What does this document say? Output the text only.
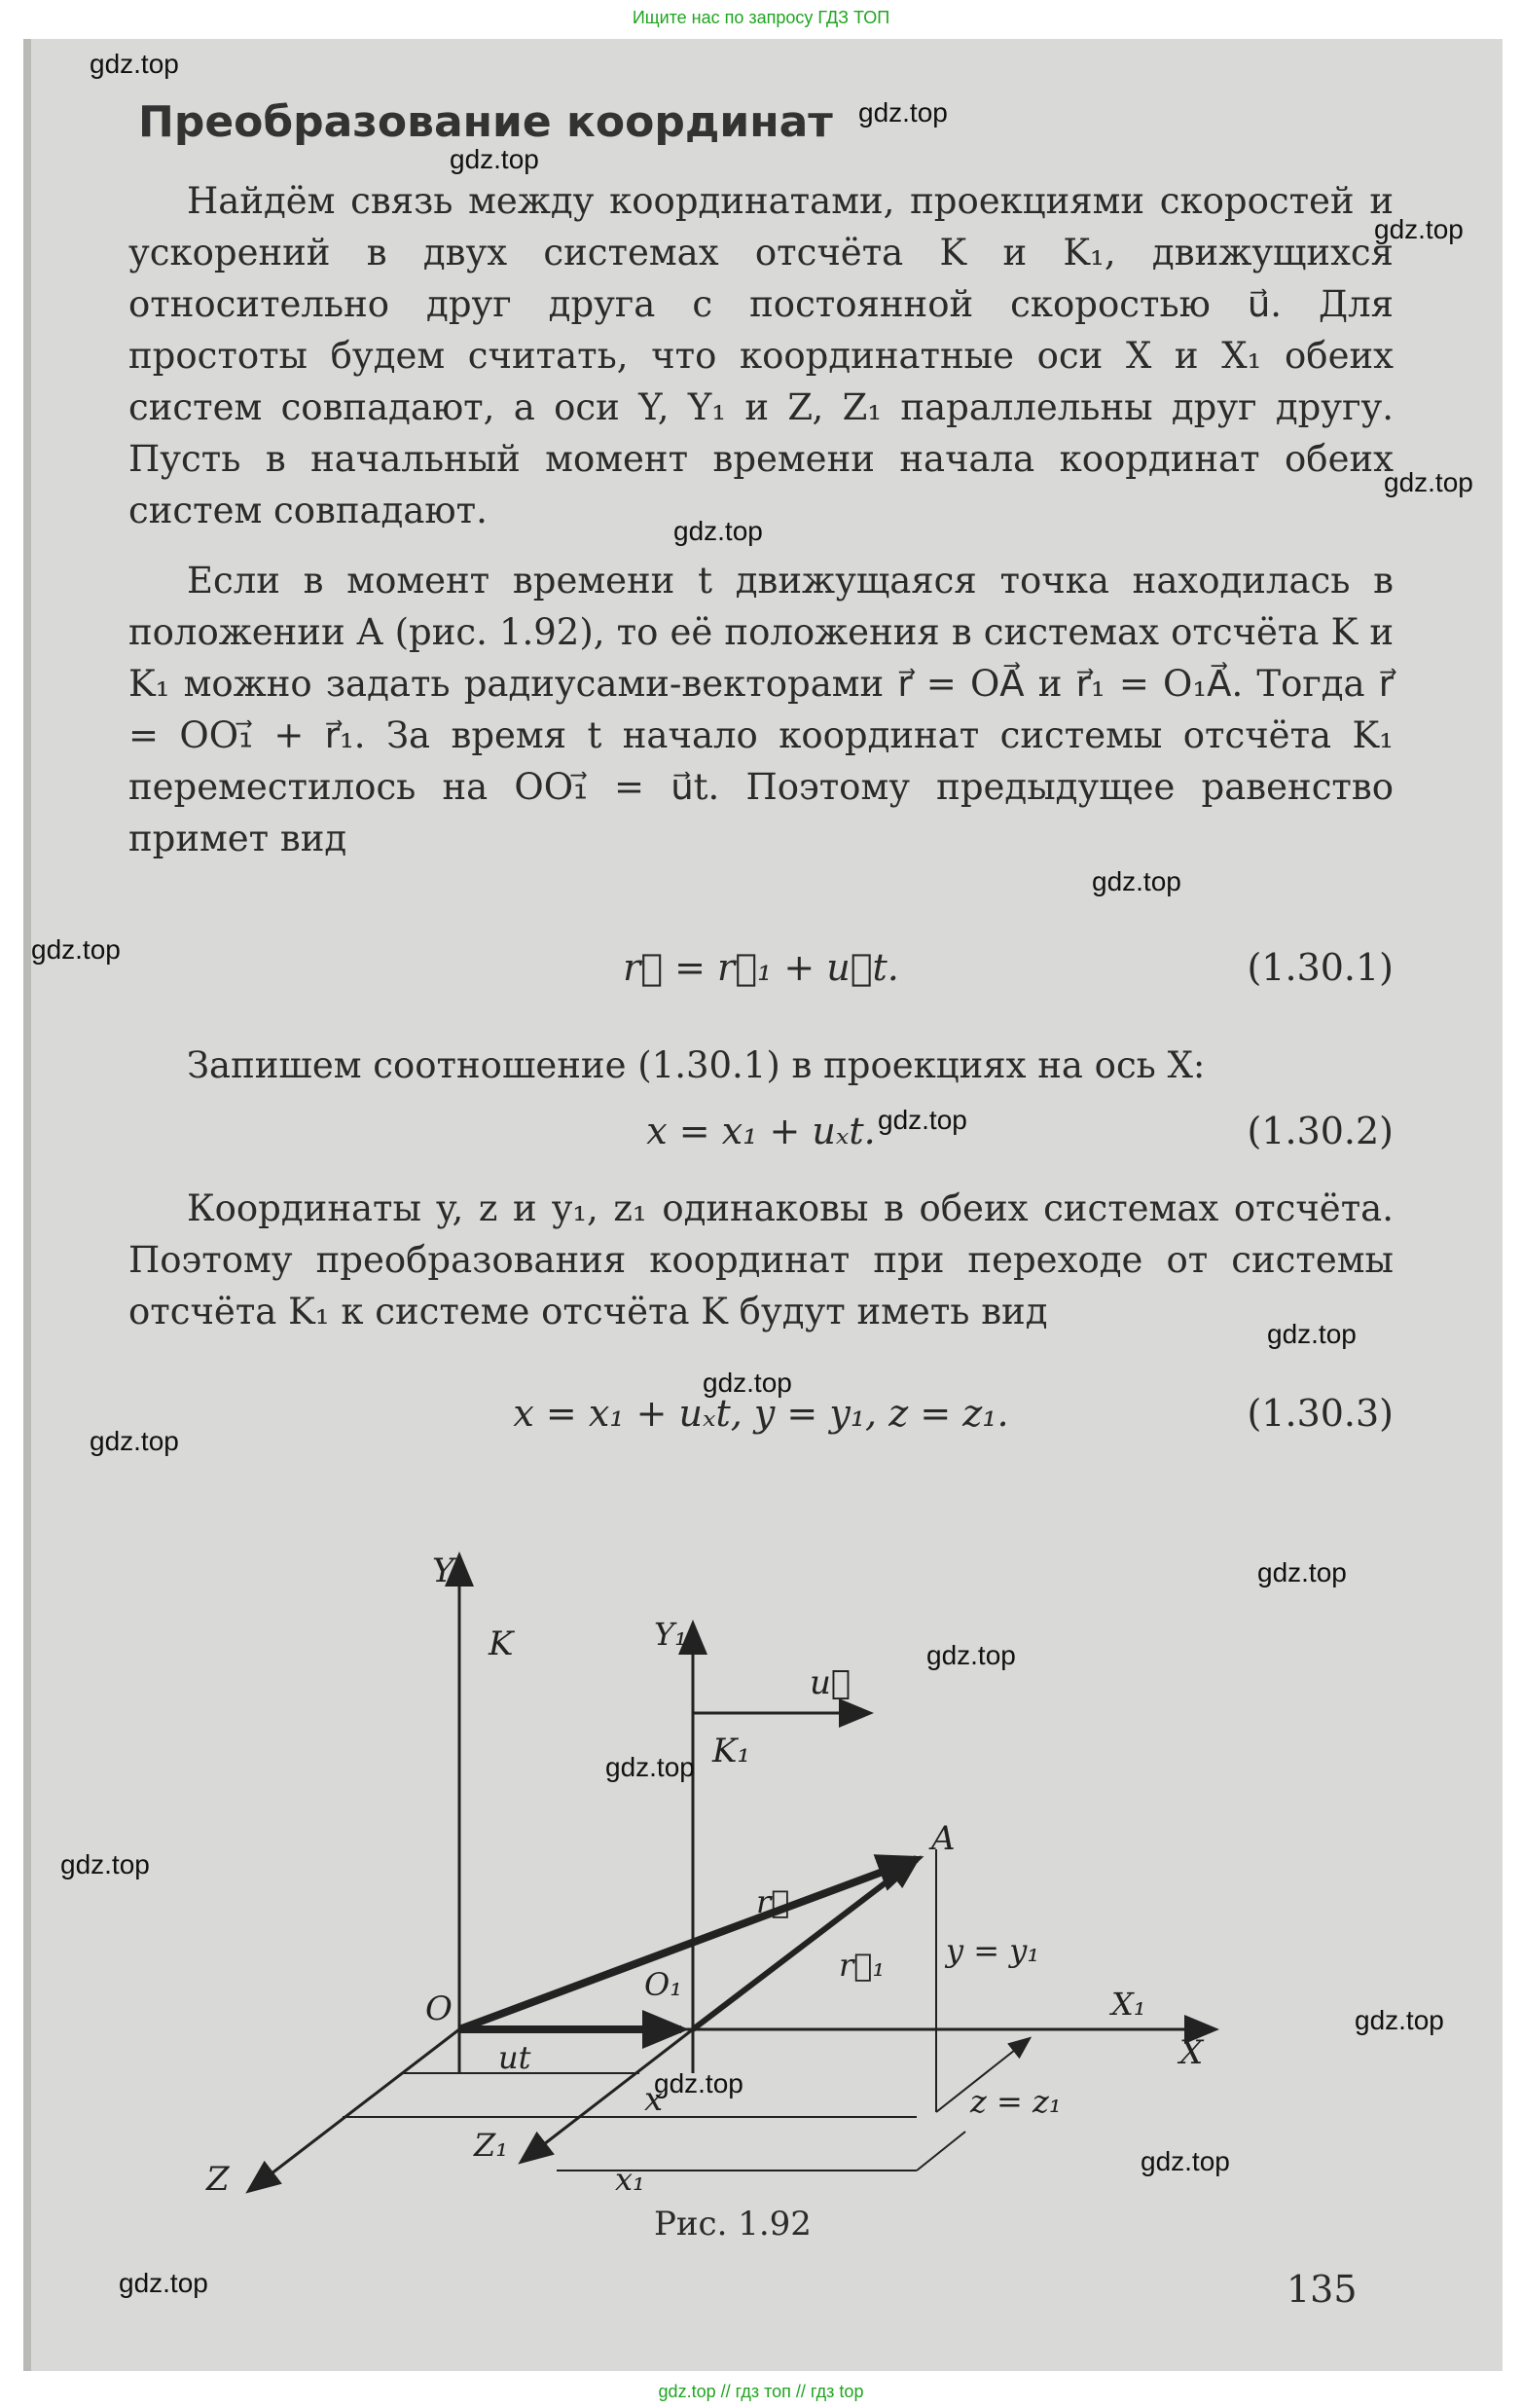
Ищите нас по запросу ГДЗ ТОП
Преобразование координат

Найдём связь между координатами, проекциями скоростей и ускорений в двух системах отсчёта K и K₁, движущихся относительно друг друга с постоянной скоростью u⃗. Для простоты будем считать, что координатные оси X и X₁ обеих систем совпадают, а оси Y, Y₁ и Z, Z₁ параллельны друг другу. Пусть в начальный момент времени начала координат обеих систем совпадают.

Если в момент времени t движущаяся точка находилась в положении A (рис. 1.92), то её положения в системах отсчёта K и K₁ можно задать радиусами-векторами r⃗ = OA⃗ и r⃗₁ = O₁A⃗. Тогда r⃗ = OO₁⃗ + r⃗₁. За время t начало координат системы отсчёта K₁ переместилось на OO₁⃗ = u⃗t. Поэтому предыдущее равенство примет вид

r⃗ = r⃗₁ + u⃗t.	(1.30.1)

Запишем соотношение (1.30.1) в проекциях на ось X:

x = x₁ + uₓt.	(1.30.2)

Координаты y, z и y₁, z₁ одинаковы в обеих системах отсчёта. Поэтому преобразования координат при переходе от системы отсчёта K₁ к системе отсчёта K будут иметь вид

x = x₁ + uₓt, y = y₁, z = z₁.	(1.30.3)
Y
K	Y₁
u⃗
K₁
A
r⃗
r⃗₁ y = y₁
O
O₁
X₁
X
ut
x	z = z₁
Z
Z₁
x₁
Рис. 1.92
135
gdz.top
gdz.top
gdz.top
gdz.top
gdz.top
gdz.top
gdz.top
gdz.top
gdz.top
gdz.top
gdz.top
gdz.top
gdz.top
gdz.top
gdz.top
gdz.top
gdz.top
gdz.top
gdz.top
gdz.top
gdz.top // гдз топ // гдз top
